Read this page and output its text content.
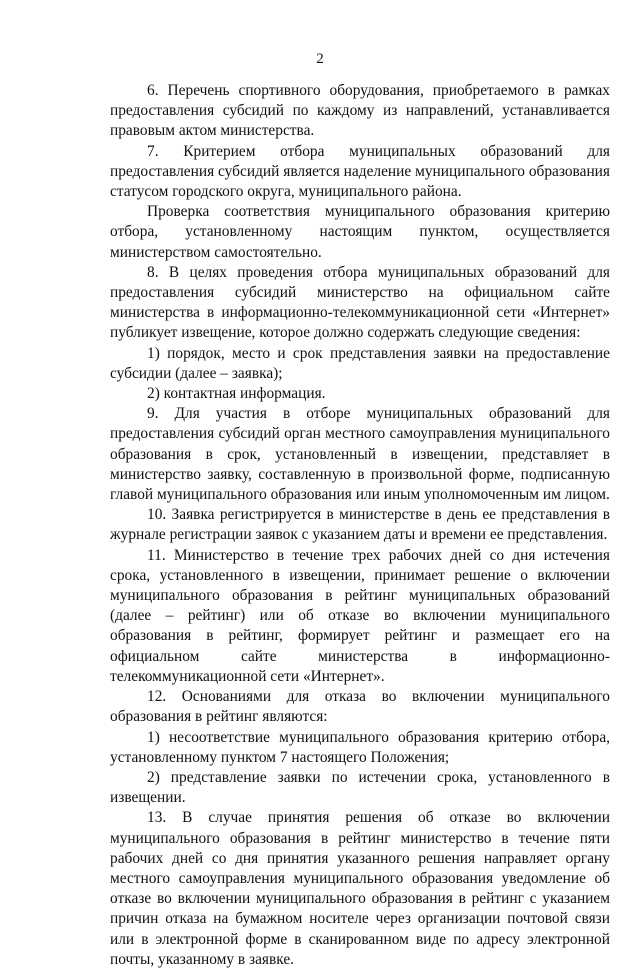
2

6. Перечень спортивного оборудования, приобретаемого в рамках предоставления субсидий по каждому из направлений, устанавливается правовым актом министерства.

7. Критерием отбора муниципальных образований для предоставления субсидий является наделение муниципального образования статусом городского округа, муниципального района.

Проверка соответствия муниципального образования критерию отбора, установленному настоящим пунктом, осуществляется министерством самостоятельно.

8. В целях проведения отбора муниципальных образований для предоставления субсидий министерство на официальном сайте министерства в информационно-телекоммуникационной сети «Интернет» публикует извещение, которое должно содержать следующие сведения:

1) порядок, место и срок представления заявки на предоставление субсидии (далее – заявка);

2) контактная информация.

9. Для участия в отборе муниципальных образований для предоставления субсидий орган местного самоуправления муниципального образования в срок, установленный в извещении, представляет в министерство заявку, составленную в произвольной форме, подписанную главой муниципального образования или иным уполномоченным им лицом.

10. Заявка регистрируется в министерстве в день ее представления в журнале регистрации заявок с указанием даты и времени ее представления.

11. Министерство в течение трех рабочих дней со дня истечения срока, установленного в извещении, принимает решение о включении муниципального образования в рейтинг муниципальных образований (далее – рейтинг) или об отказе во включении муниципального образования в рейтинг, формирует рейтинг и размещает его на официальном сайте министерства в информационно-телекоммуникационной сети «Интернет».

12. Основаниями для отказа во включении муниципального образования в рейтинг являются:

1) несоответствие муниципального образования критерию отбора, установленному пунктом 7 настоящего Положения;

2) представление заявки по истечении срока, установленного в извещении.

13. В случае принятия решения об отказе во включении муниципального образования в рейтинг министерство в течение пяти рабочих дней со дня принятия указанного решения направляет органу местного самоуправления муниципального образования уведомление об отказе во включении муниципального образования в рейтинг с указанием причин отказа на бумажном носителе через организации почтовой связи или в электронной форме в сканированном виде по адресу электронной почты, указанному в заявке.
